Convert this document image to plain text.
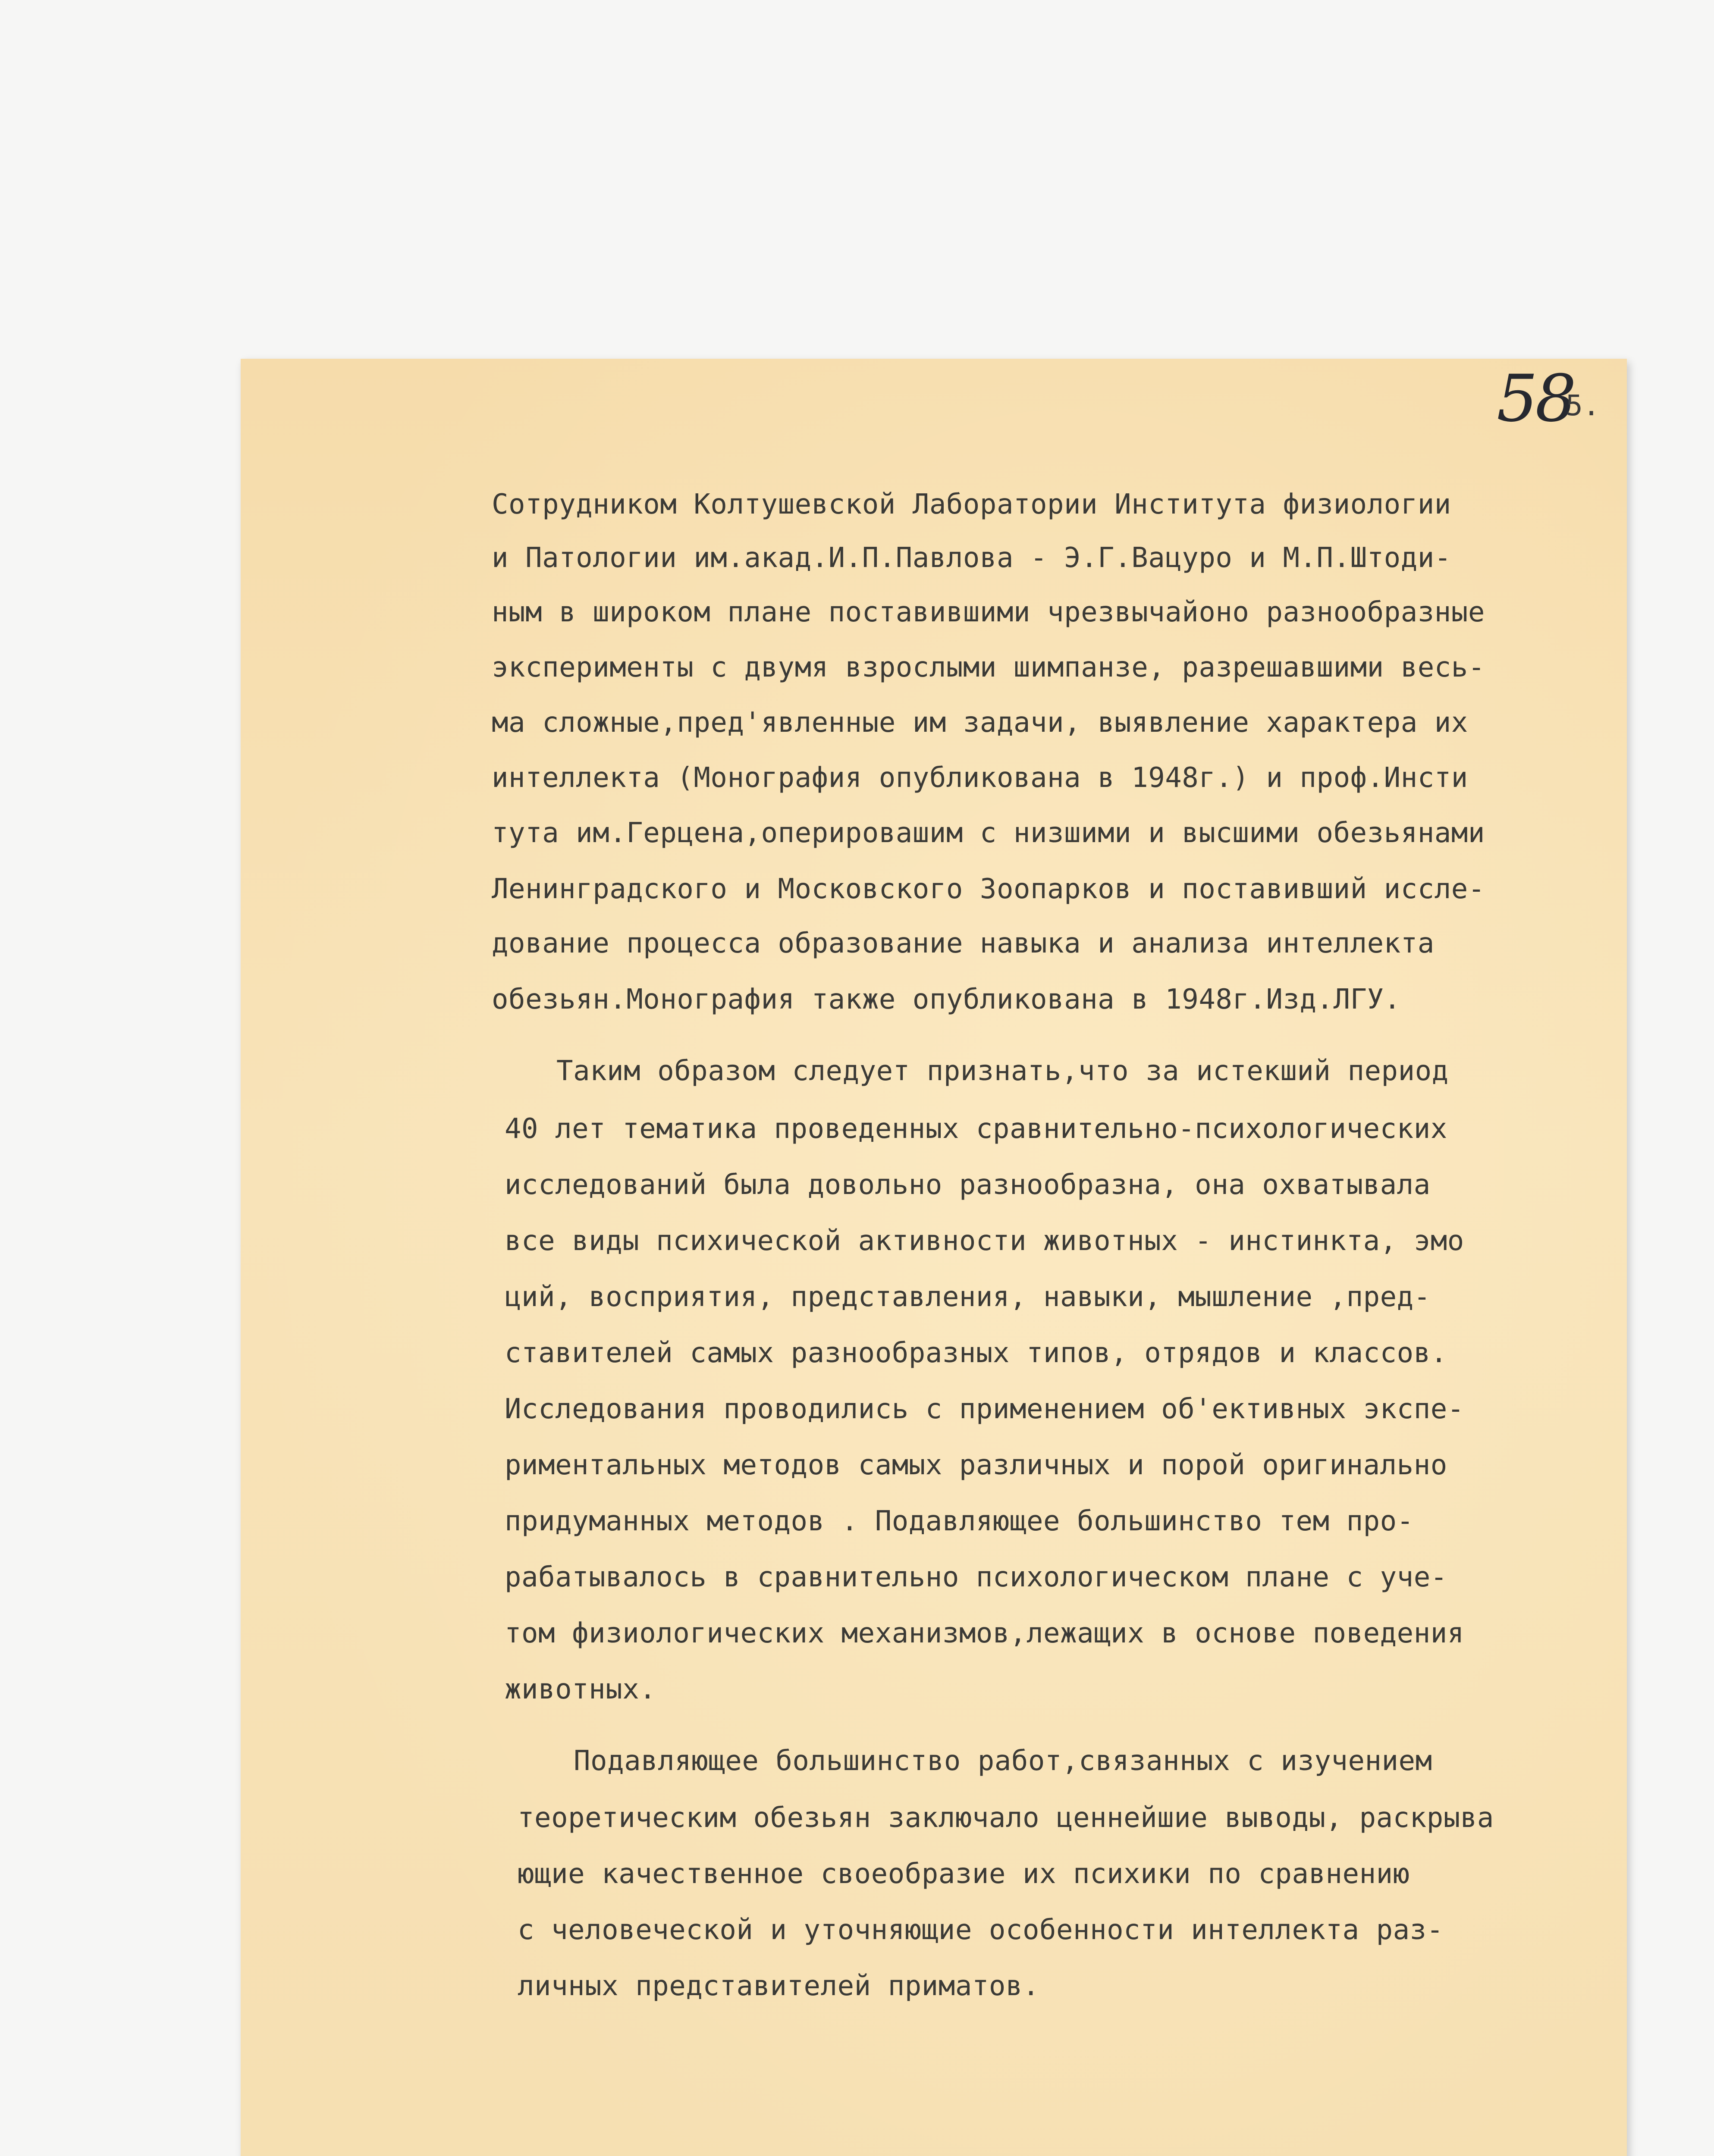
58
5.
Сотрудником Колтушевской Лаборатории Института физиологии
и Патологии им.акад.И.П.Павлова - Э.Г.Вацуро и М.П.Штоди-
ным в широком плане поставившими чрезвычайоно разнообразные
эксперименты с двумя взрослыми шимпанзе, разрешавшими весь-
ма сложные,пред'явленные им задачи, выявление характера их
интеллекта (Монография опубликована в 1948г.) и проф.Инсти
тута им.Герцена,оперировашим с низшими и высшими обезьянами
Ленинградского и Московского Зоопарков и поставивший иссле-
дование процесса образование навыка и анализа интеллекта
обезьян.Монография также опубликована в 1948г.Изд.ЛГУ.
Таким образом следует признать,что за истекший период
40 лет тематика проведенных сравнительно-психологических
исследований была довольно разнообразна, она охватывала
все виды психической активности животных - инстинкта, эмо
ций, восприятия, представления, навыки, мышление ,пред-
ставителей самых разнообразных типов, отрядов и классов.
Исследования проводились с применением об'ективных экспе-
риментальных методов самых различных и порой оригинально
придуманных методов . Подавляющее большинство тем про-
рабатывалось в сравнительно психологическом плане с уче-
том физиологических механизмов,лежащих в основе поведения
животных.
Подавляющее большинство работ,связанных с изучением
теоретическим обезьян заключало ценнейшие выводы, раскрыва
ющие качественное своеобразие их психики по сравнению
с человеческой и уточняющие особенности интеллекта раз-
личных представителей приматов.
